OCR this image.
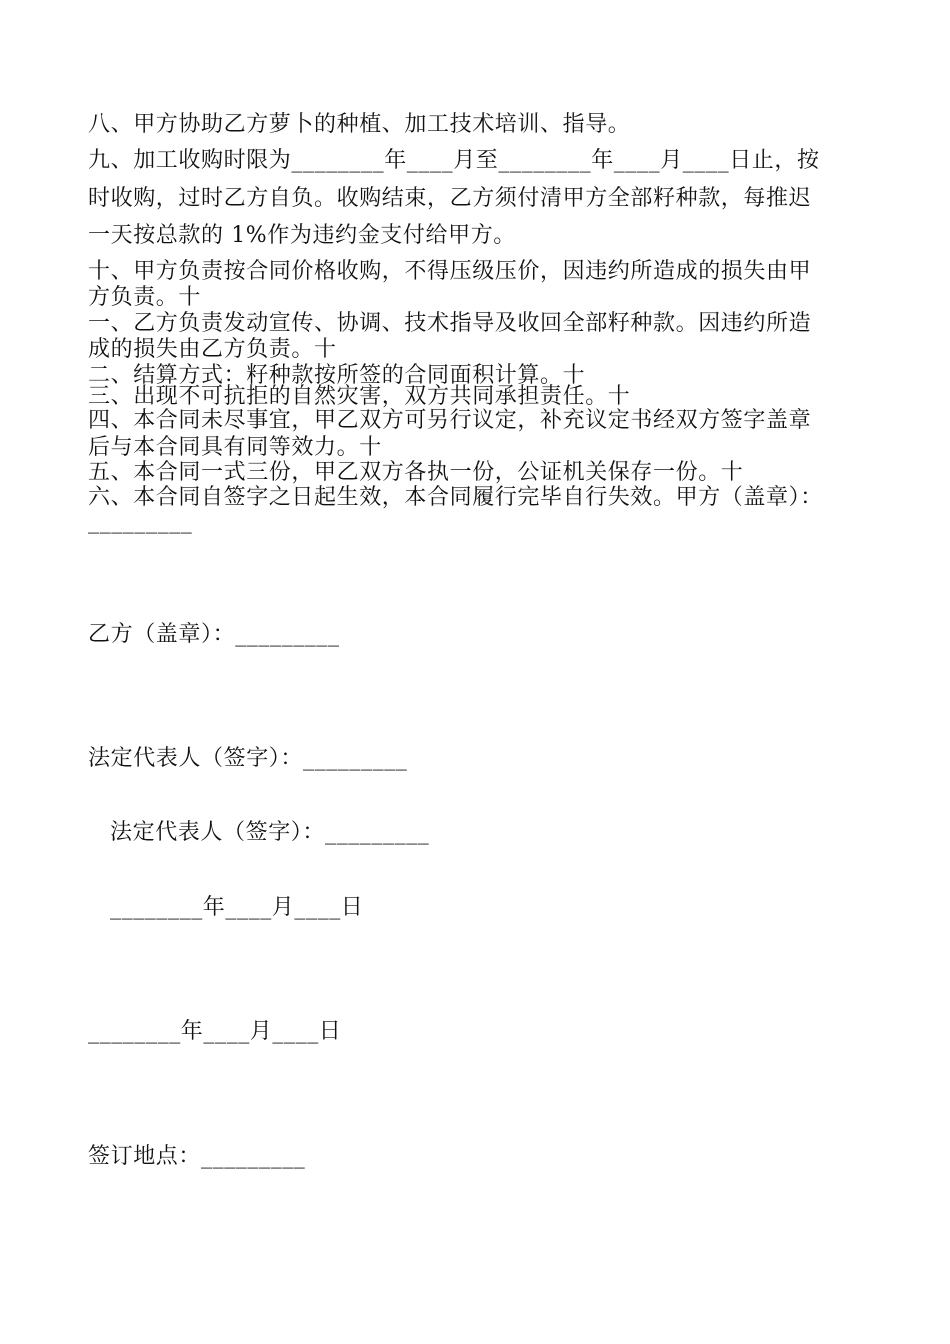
八、甲方协助乙方萝卜的种植、加工技术培训、指导。
九、加工收购时限为________年____月至________年____月____日止，按
时收购，过时乙方自负。收购结束，乙方须付清甲方全部籽种款，每推迟
一天按总款的 1%作为违约金支付给甲方。
十、甲方负责按合同价格收购，不得压级压价，因违约所造成的损失由甲
方负责。十
一、乙方负责发动宣传、协调、技术指导及收回全部籽种款。因违约所造
成的损失由乙方负责。十
二、结算方式：籽种款按所签的合同面积计算。十
三、出现不可抗拒的自然灾害，双方共同承担责任。十
四、本合同未尽事宜，甲乙双方可另行议定，补充议定书经双方签字盖章
后与本合同具有同等效力。十
五、本合同一式三份，甲乙双方各执一份，公证机关保存一份。十
六、本合同自签字之日起生效，本合同履行完毕自行失效。甲方（盖章）：
_________
乙方（盖章）：_________
法定代表人（签字）：_________
法定代表人（签字）：_________
________年____月____日
________年____月____日
签订地点：_________
